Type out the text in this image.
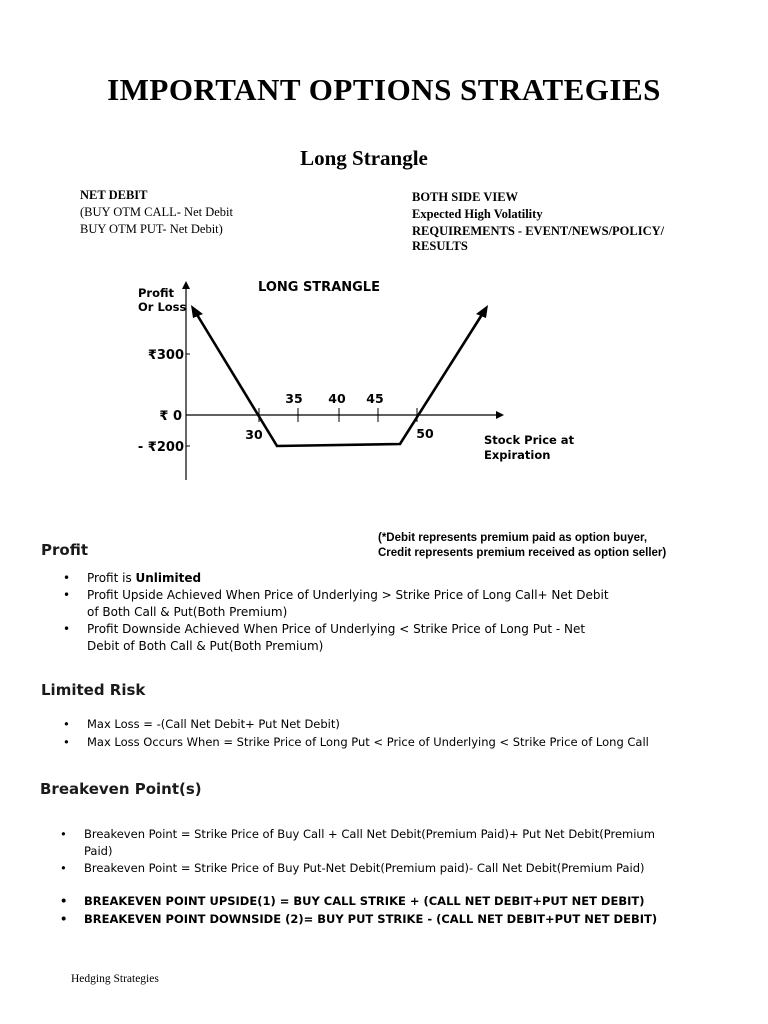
IMPORTANT OPTIONS STRATEGIES
Long Strangle
NET DEBIT
(BUY OTM CALL- Net Debit
BUY OTM PUT- Net Debit)
BOTH SIDE VIEW
Expected High Volatility
REQUIREMENTS - EVENT/NEWS/POLICY/
RESULTS
LONG STRANGLE
Profit
Or Loss
₹300
₹ 0
- ₹200
30
35 40 45
50	Stock Price at
Expiration
(*Debit represents premium paid as option buyer,
Credit represents premium received as option seller)
Profit
• Profit is Unlimited
• Profit Upside Achieved When Price of Underlying > Strike Price of Long Call+ Net Debit
of Both Call & Put(Both Premium)
• Profit Downside Achieved When Price of Underlying < Strike Price of Long Put - Net
Debit of Both Call & Put(Both Premium)
Limited Risk
• Max Loss = -(Call Net Debit+ Put Net Debit)
• Max Loss Occurs When = Strike Price of Long Put < Price of Underlying < Strike Price of Long Call
Breakeven Point(s)
• Breakeven Point = Strike Price of Buy Call + Call Net Debit(Premium Paid)+ Put Net Debit(Premium
Paid)
• Breakeven Point = Strike Price of Buy Put-Net Debit(Premium paid)- Call Net Debit(Premium Paid)
• BREAKEVEN POINT UPSIDE(1) = BUY CALL STRIKE + (CALL NET DEBIT+PUT NET DEBIT)
• BREAKEVEN POINT DOWNSIDE (2)= BUY PUT STRIKE - (CALL NET DEBIT+PUT NET DEBIT)
Hedging Strategies
